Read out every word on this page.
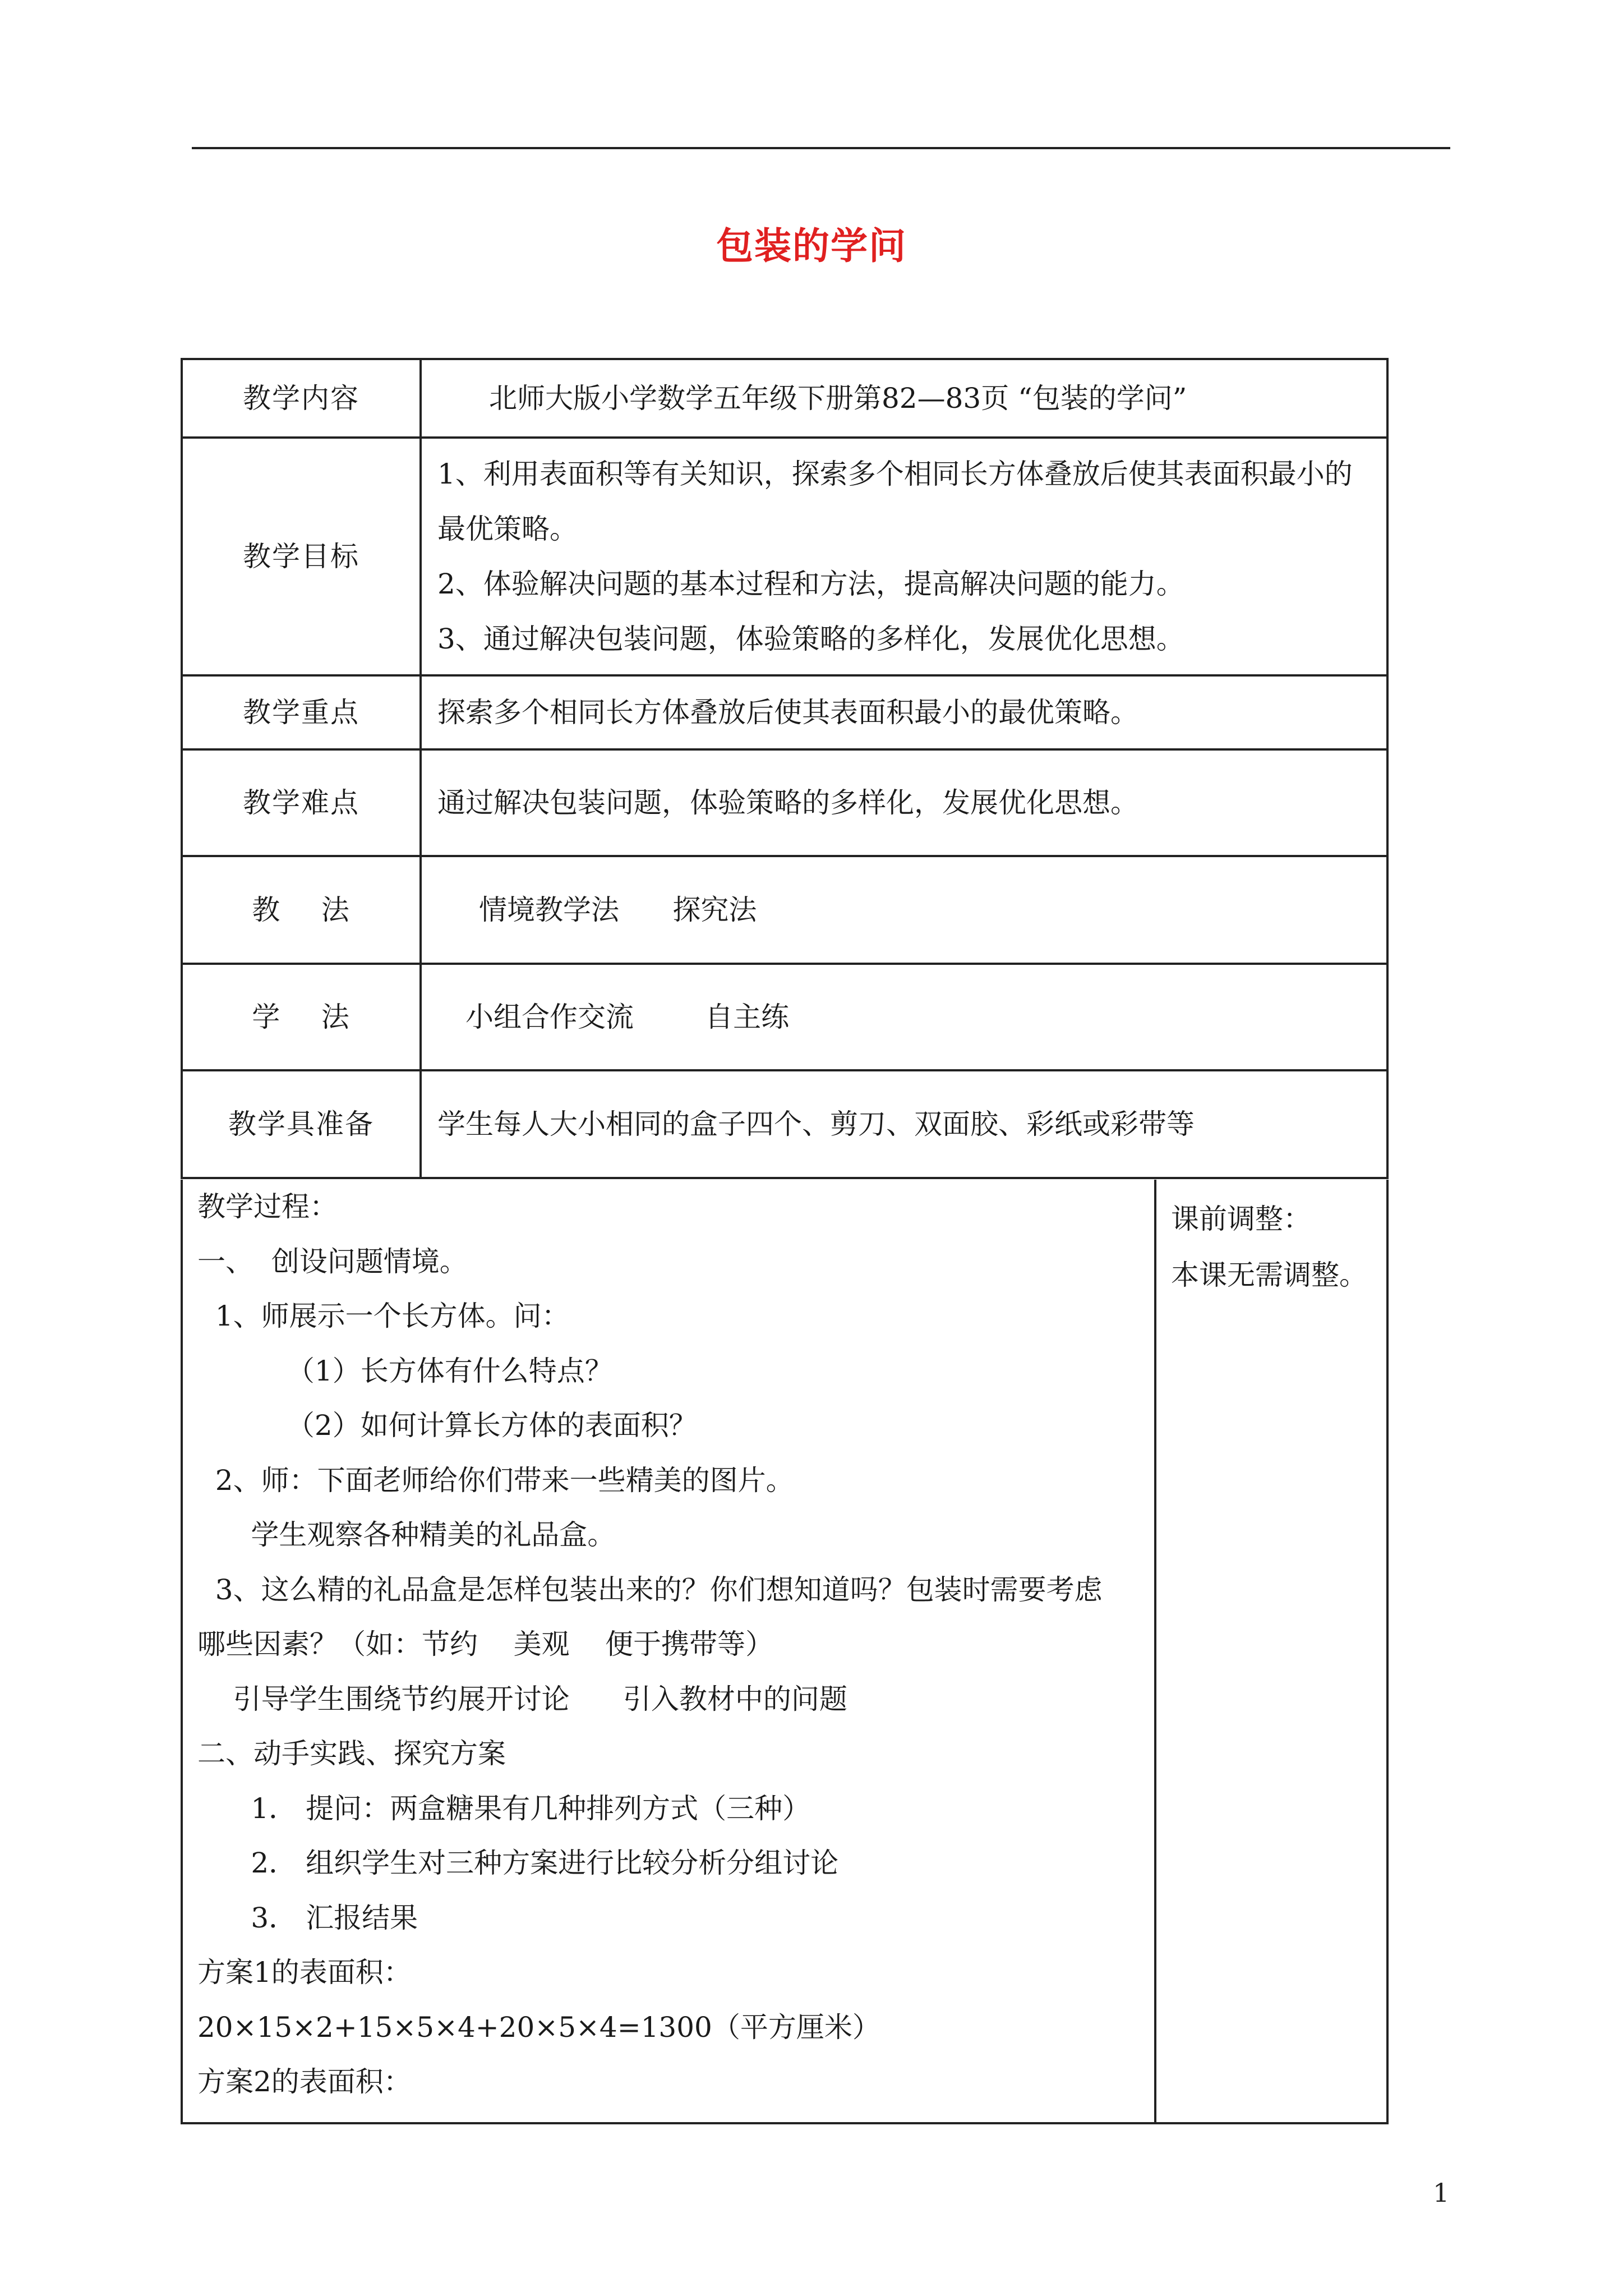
包装的学问
教学内容	北师大版小学数学五年级下册第82—83页 “包装的学问”
教学目标	1、利用表面积等有关知识，探索多个相同长方体叠放后使其表面积最小的
最优策略。
2、体验解决问题的基本过程和方法，提高解决问题的能力。
3、通过解决包装问题，体验策略的多样化，发展优化思想。

教学重点	探索多个相同长方体叠放后使其表面积最小的最优策略。
教学难点	通过解决包装问题，体验策略的多样化，发展优化思想。
教    法	情境教学法      探究法
学    法	小组合作交流        自主练
教学具准备	学生每人大小相同的盒子四个、剪刀、双面胶、彩纸或彩带等
教学过程：
一、  创设问题情境。
1、师展示一个长方体。问：
（1）长方体有什么特点？
（2）如何计算长方体的表面积？
2、师：下面老师给你们带来一些精美的图片。
学生观察各种精美的礼品盒。
3、这么精的礼品盒是怎样包装出来的？你们想知道吗？包装时需要考虑
哪些因素？（如：节约    美观    便于携带等）
引导学生围绕节约展开讨论      引入教材中的问题
二、动手实践、探究方案
1． 提问：两盒糖果有几种排列方式（三种）
2． 组织学生对三种方案进行比较分析分组讨论
3． 汇报结果
方案1的表面积：
20×15×2+15×5×4+20×5×4=1300（平方厘米）
方案2的表面积：

课前调整：
本课无需调整。
1
